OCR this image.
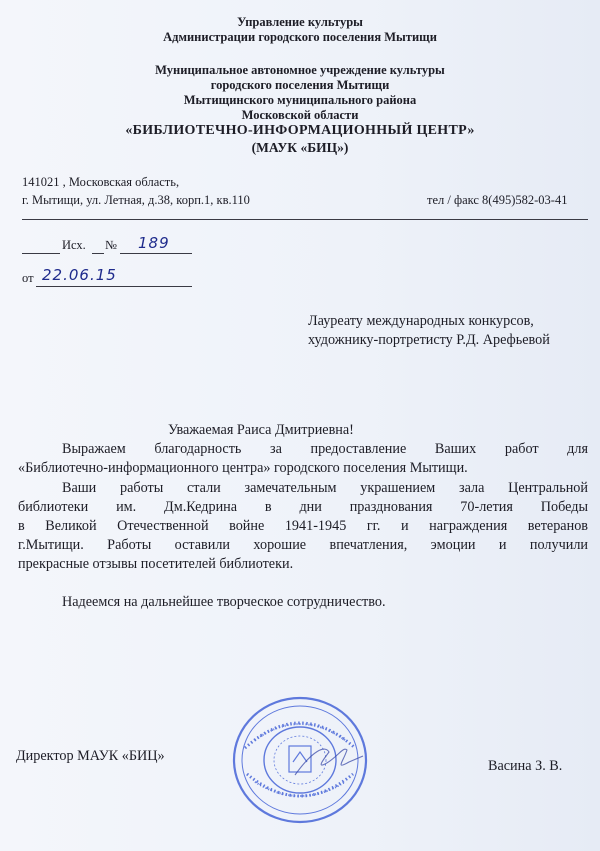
Управление культуры
Администрации городского поселения Мытищи
Муниципальное автономное учреждение культуры
городского поселения Мытищи
Мытищинского муниципального района
Московской области
«БИБЛИОТЕЧНО-ИНФОРМАЦИОННЫЙ ЦЕНТР»
(МАУК «БИЦ»)
141021 , Московская область,
г. Мытищи, ул. Летная, д.38, корп.1, кв.110	тел / факс 8(495)582-03-41
Исх. № 189
от 22.06.15
Лауреату международных конкурсов,
художнику-портретисту Р.Д. Арефьевой
Уважаемая Раиса Дмитриевна!
Выражаем благодарность за предоставление Ваших работ для
«Библиотечно-информационного центра» городского поселения Мытищи.
Ваши работы стали замечательным украшением зала Центральной
библиотеки им. Дм.Кедрина в дни празднования 70-летия Победы
в Великой Отечественной войне 1941-1945 гг. и награждения ветеранов
г.Мытищи. Работы оставили хорошие впечатления, эмоции и получили
прекрасные отзывы посетителей библиотеки.
Надеемся на дальнейшее творческое сотрудничество.
Директор МАУК «БИЦ»
Васина З. В.
